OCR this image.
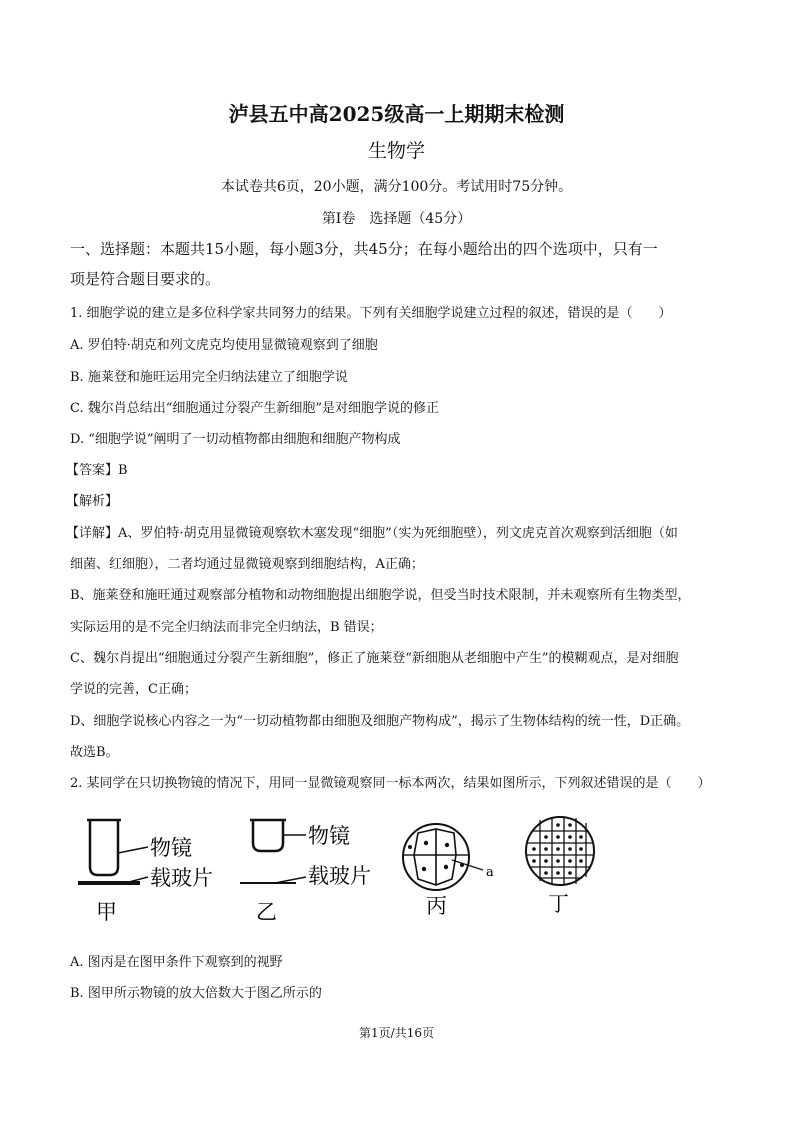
泸县五中高2025级高一上期期末检测
生物学
本试卷共6页，20小题，满分100分。考试用时75分钟。
第Ⅰ卷　选择题（45分）
一、选择题：本题共15小题，每小题3分，共45分；在每小题给出的四个选项中，只有一
项是符合题目要求的。
1. 细胞学说的建立是多位科学家共同努力的结果。下列有关细胞学说建立过程的叙述，错误的是（　　）
A. 罗伯特·胡克和列文虎克均使用显微镜观察到了细胞
B. 施莱登和施旺运用完全归纳法建立了细胞学说
C. 魏尔肖总结出“细胞通过分裂产生新细胞”是对细胞学说的修正
D. “细胞学说”阐明了一切动植物都由细胞和细胞产物构成
【答案】B
【解析】
【详解】A、罗伯特·胡克用显微镜观察软木塞发现“细胞”（实为死细胞壁），列文虎克首次观察到活细胞（如
细菌、红细胞），二者均通过显微镜观察到细胞结构，A正确；
B、施莱登和施旺通过观察部分植物和动物细胞提出细胞学说，但受当时技术限制，并未观察所有生物类型，
实际运用的是不完全归纳法而非完全归纳法，B 错误；
C、魏尔肖提出“细胞通过分裂产生新细胞”，修正了施莱登“新细胞从老细胞中产生”的模糊观点，是对细胞
学说的完善，C正确；
D、细胞学说核心内容之一为“一切动植物都由细胞及细胞产物构成”，揭示了生物体结构的统一性，D正确。
故选B。
2. 某同学在只切换物镜的情况下，用同一显微镜观察同一标本两次，结果如图所示，下列叙述错误的是（　　）
物镜
载玻片
甲
物镜
载玻片
乙
a
丙	丁
A. 图丙是在图甲条件下观察到的视野
B. 图甲所示物镜的放大倍数大于图乙所示的
第1页/共16页
